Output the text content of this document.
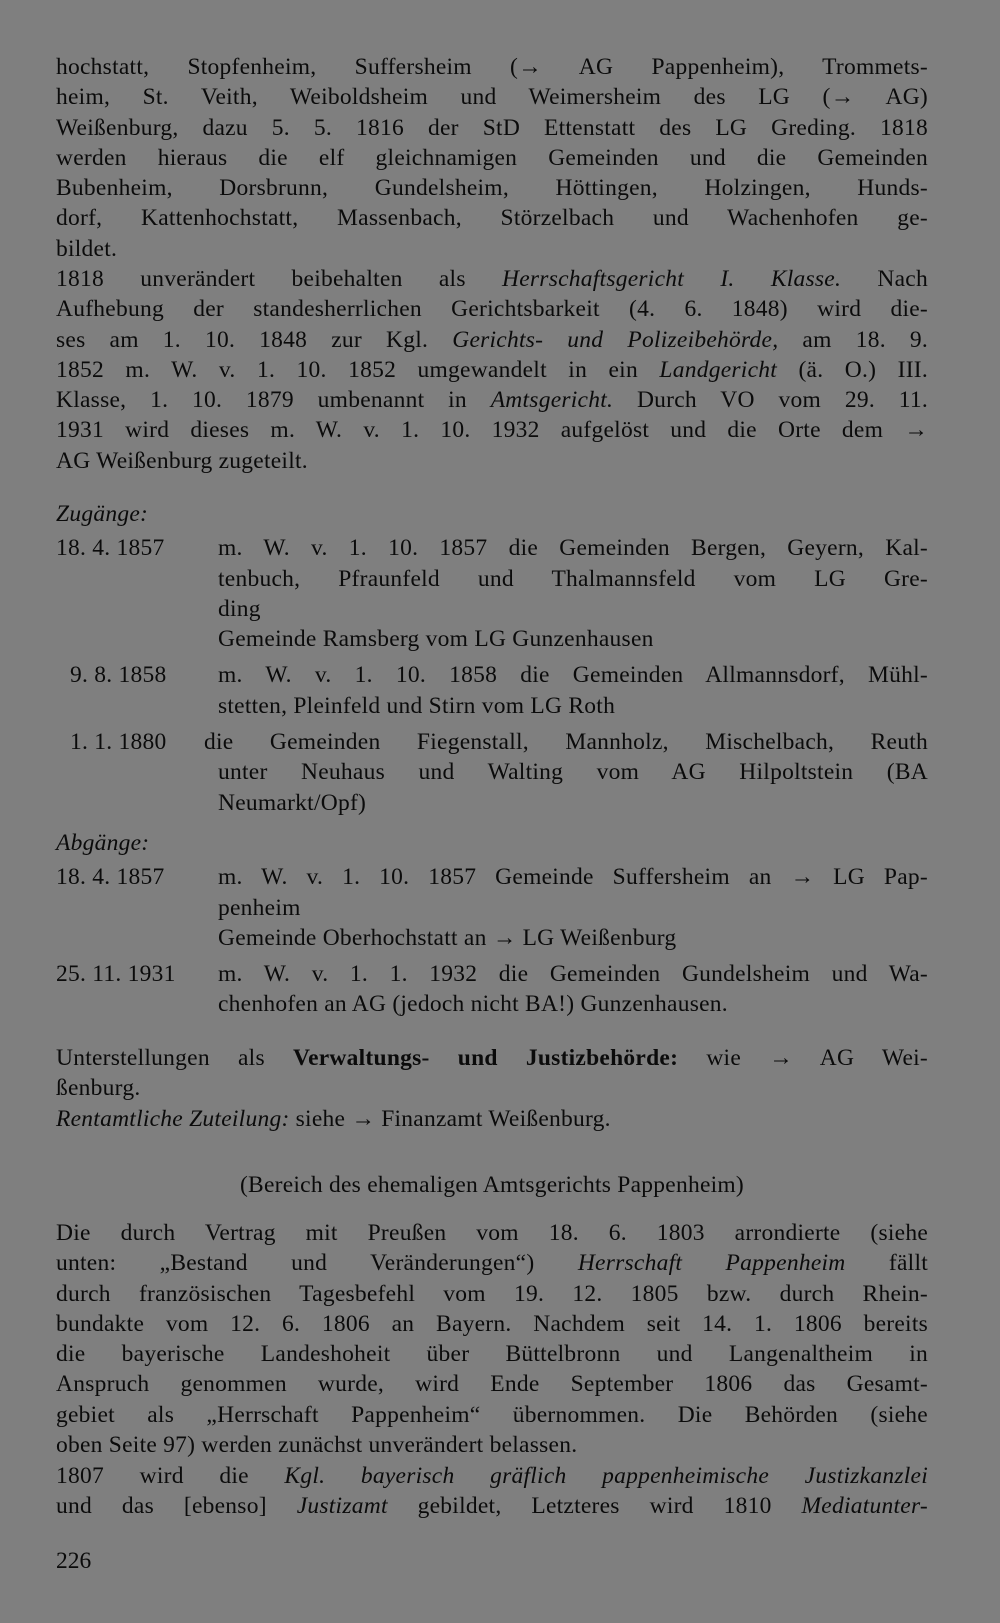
hochstatt, Stopfenheim, Suffersheim (→ AG Pappenheim), Trommets-
heim, St. Veith, Weiboldsheim und Weimersheim des LG (→ AG)
Weißenburg, dazu 5. 5. 1816 der StD Ettenstatt des LG Greding. 1818
werden hieraus die elf gleichnamigen Gemeinden und die Gemeinden
Bubenheim, Dorsbrunn, Gundelsheim, Höttingen, Holzingen, Hunds-
dorf, Kattenhochstatt, Massenbach, Störzelbach und Wachenhofen ge-
bildet.
1818 unverändert beibehalten als Herrschaftsgericht I. Klasse. Nach
Aufhebung der standesherrlichen Gerichtsbarkeit (4. 6. 1848) wird die-
ses am 1. 10. 1848 zur Kgl. Gerichts- und Polizeibehörde, am 18. 9.
1852 m. W. v. 1. 10. 1852 umgewandelt in ein Landgericht (ä. O.) III.
Klasse, 1. 10. 1879 umbenannt in Amtsgericht. Durch VO vom 29. 11.
1931 wird dieses m. W. v. 1. 10. 1932 aufgelöst und die Orte dem →
AG Weißenburg zugeteilt.
Zugänge:
18. 4. 1857 m. W. v. 1. 10. 1857 die Gemeinden Bergen, Geyern, Kal-
tenbuch, Pfraunfeld und Thalmannsfeld vom LG Gre-
ding
Gemeinde Ramsberg vom LG Gunzenhausen
9. 8. 1858 m. W. v. 1. 10. 1858 die Gemeinden Allmannsdorf, Mühl-
stetten, Pleinfeld und Stirn vom LG Roth
1. 1. 1880 die Gemeinden Fiegenstall, Mannholz, Mischelbach, Reuth
unter Neuhaus und Walting vom AG Hilpoltstein (BA
Neumarkt/Opf)
Abgänge:
18. 4. 1857 m. W. v. 1. 10. 1857 Gemeinde Suffersheim an → LG Pap-
penheim
Gemeinde Oberhochstatt an → LG Weißenburg
25. 11. 1931 m. W. v. 1. 1. 1932 die Gemeinden Gundelsheim und Wa-
chenhofen an AG (jedoch nicht BA!) Gunzenhausen.
Unterstellungen als Verwaltungs- und Justizbehörde: wie → AG Wei-
ßenburg.
Rentamtliche Zuteilung: siehe → Finanzamt Weißenburg.
(Bereich des ehemaligen Amtsgerichts Pappenheim)
Die durch Vertrag mit Preußen vom 18. 6. 1803 arrondierte (siehe
unten: „Bestand und Veränderungen“) Herrschaft Pappenheim fällt
durch französischen Tagesbefehl vom 19. 12. 1805 bzw. durch Rhein-
bundakte vom 12. 6. 1806 an Bayern. Nachdem seit 14. 1. 1806 bereits
die bayerische Landeshoheit über Büttelbronn und Langenaltheim in
Anspruch genommen wurde, wird Ende September 1806 das Gesamt-
gebiet als „Herrschaft Pappenheim“ übernommen. Die Behörden (siehe
oben Seite 97) werden zunächst unverändert belassen.
1807 wird die Kgl. bayerisch gräflich pappenheimische Justizkanzlei
und das [ebenso] Justizamt gebildet, Letzteres wird 1810 Mediatunter-
226
